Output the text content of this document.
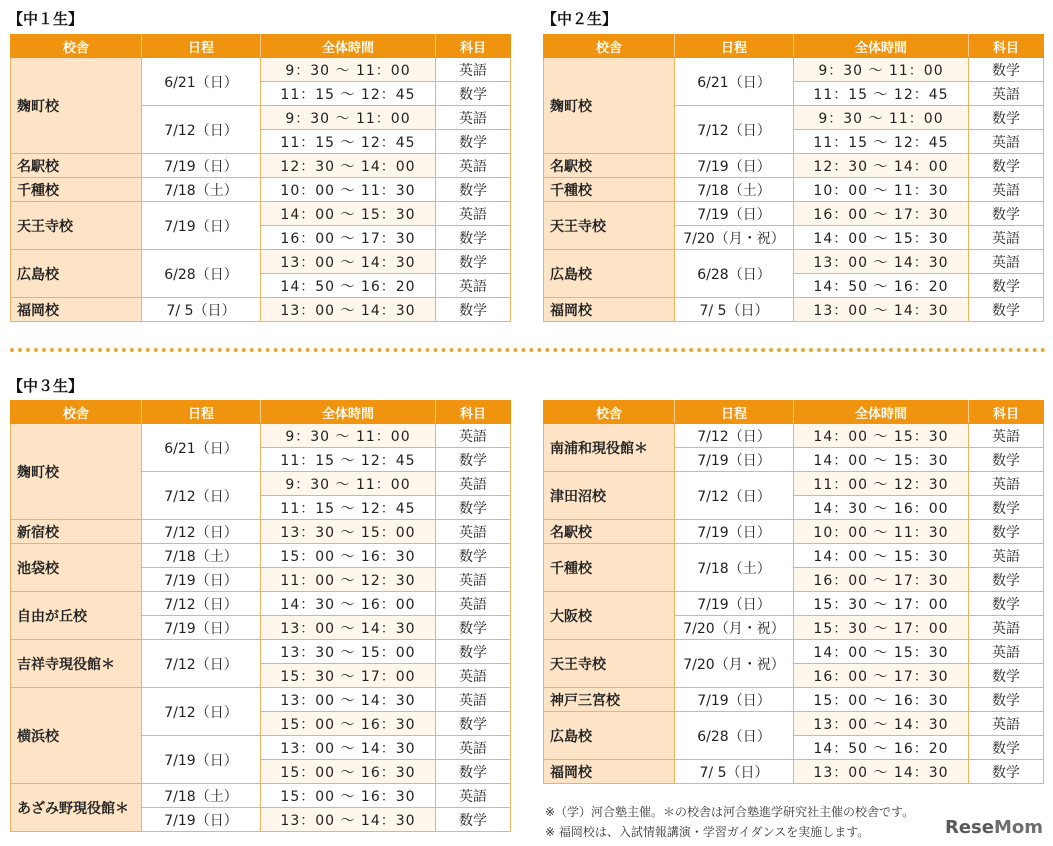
【中１生】
校舎	日程	全体時間	科目
麹町校	6/21（日）	9：30 ～ 11：00	英語
		11：15 ～ 12：45	数学
	7/12（日）	9：30 ～ 11：00	英語
		11：15 ～ 12：45	数学
名駅校	7/19（日）	12：30 ～ 14：00	英語
千種校	7/18（土）	10：00 ～ 11：30	数学
天王寺校	7/19（日）	14：00 ～ 15：30	英語
		16：00 ～ 17：30	数学
広島校	6/28（日）	13：00 ～ 14：30	数学
		14：50 ～ 16：20	英語
福岡校	7/ 5（日）	13：00 ～ 14：30	数学
【中２生】
校舎	日程	全体時間	科目
麹町校	6/21（日）	9：30 ～ 11：00	数学
		11：15 ～ 12：45	英語
	7/12（日）	9：30 ～ 11：00	数学
		11：15 ～ 12：45	英語
名駅校	7/19（日）	12：30 ～ 14：00	数学
千種校	7/18（土）	10：00 ～ 11：30	英語
天王寺校	7/19（日）	16：00 ～ 17：30	数学
	7/20（月・祝）	14：00 ～ 15：30	英語
広島校	6/28（日）	13：00 ～ 14：30	英語
		14：50 ～ 16：20	数学
福岡校	7/ 5（日）	13：00 ～ 14：30	数学
【中３生】
校舎	日程	全体時間	科目
麹町校	6/21（日）	9：30 ～ 11：00	英語
		11：15 ～ 12：45	数学
	7/12（日）	9：30 ～ 11：00	英語
		11：15 ～ 12：45	数学
新宿校	7/12（日）	13：30 ～ 15：00	英語
池袋校	7/18（土）	15：00 ～ 16：30	数学
	7/19（日）	11：00 ～ 12：30	英語
自由が丘校	7/12（日）	14：30 ～ 16：00	英語
	7/19（日）	13：00 ～ 14：30	数学
吉祥寺現役館＊	7/12（日）	13：30 ～ 15：00	数学
		15：30 ～ 17：00	英語
横浜校	7/12（日）	13：00 ～ 14：30	英語
		15：00 ～ 16：30	数学
	7/19（日）	13：00 ～ 14：30	英語
		15：00 ～ 16：30	数学
あざみ野現役館＊	7/18（土）	15：00 ～ 16：30	英語
	7/19（日）	13：00 ～ 14：30	数学
校舎	日程	全体時間	科目
南浦和現役館＊	7/12（日）	14：00 ～ 15：30	英語
	7/19（日）	14：00 ～ 15：30	数学
津田沼校	7/12（日）	11：00 ～ 12：30	英語
		14：30 ～ 16：00	数学
名駅校	7/19（日）	10：00 ～ 11：30	数学
千種校	7/18（土）	14：00 ～ 15：30	英語
		16：00 ～ 17：30	数学
大阪校	7/19（日）	15：30 ～ 17：00	数学
	7/20（月・祝）	15：30 ～ 17：00	英語
天王寺校	7/20（月・祝）	14：00 ～ 15：30	英語
		16：00 ～ 17：30	数学
神戸三宮校	7/19（日）	15：00 ～ 16：30	数学
広島校	6/28（日）	13：00 ～ 14：30	英語
		14：50 ～ 16：20	数学
福岡校	7/ 5（日）	13：00 ～ 14：30	数学
※（学）河合塾主催。＊の校舎は河合塾進学研究社主催の校舎です。
※ 福岡校は、入試情報講演・学習ガイダンスを実施します。	ReseMom
